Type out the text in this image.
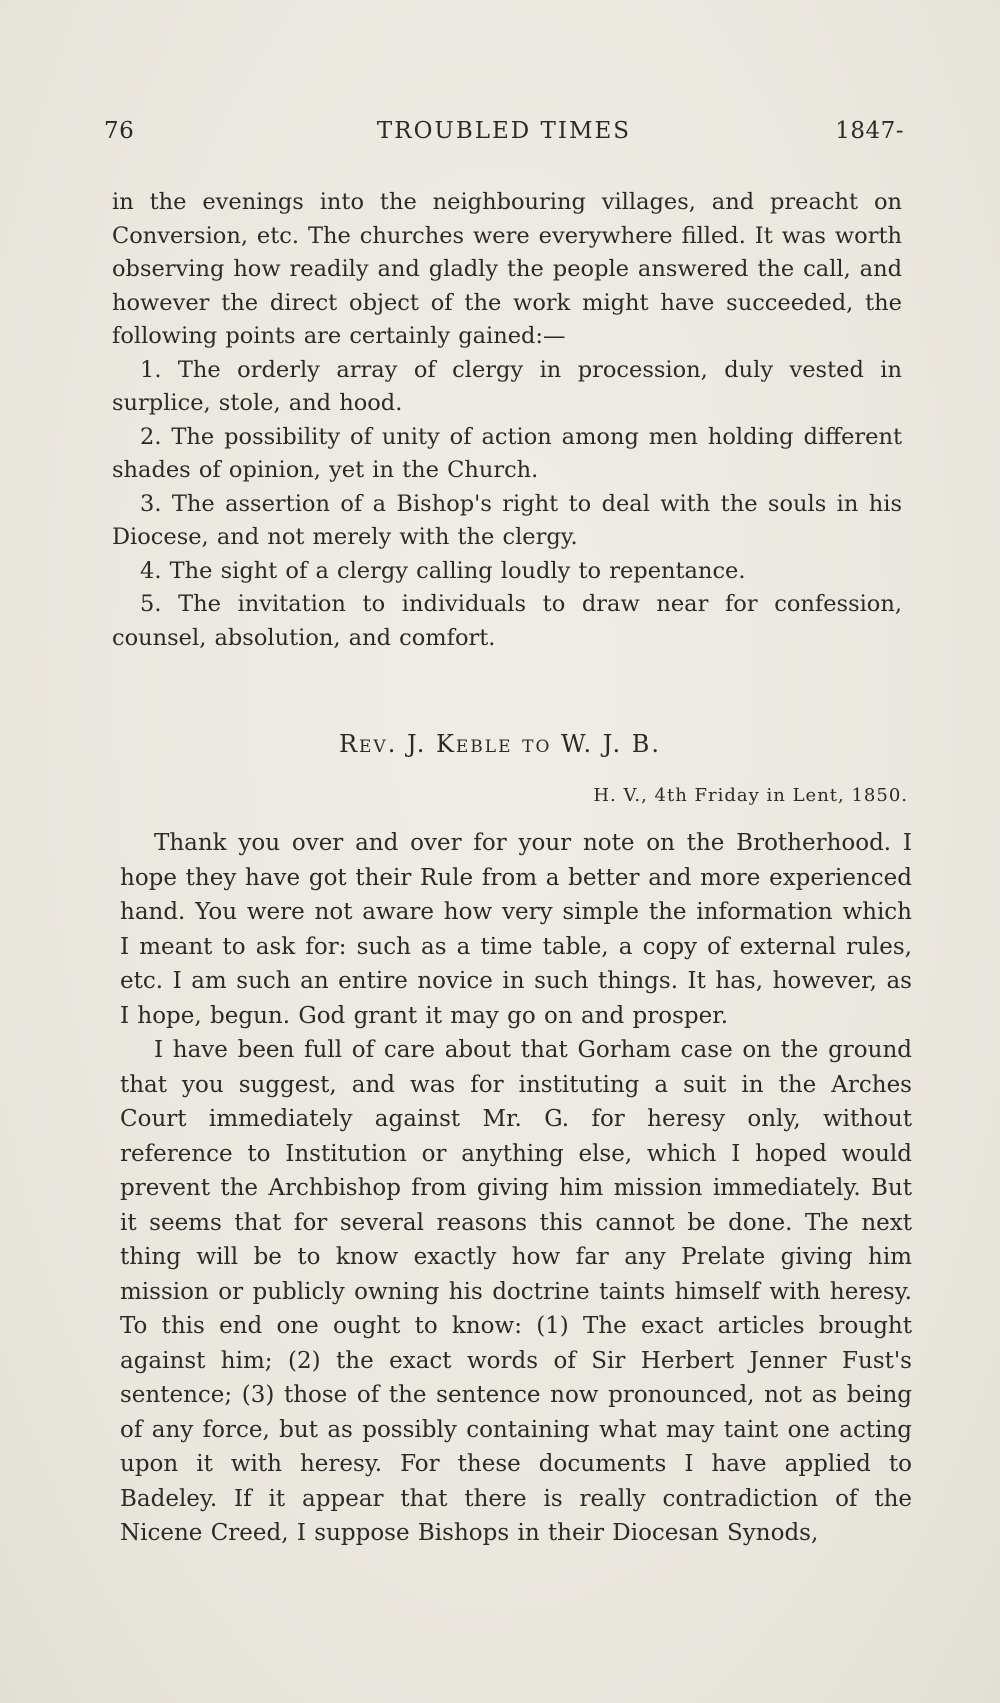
76	TROUBLED TIMES	1847-

in the evenings into the neighbouring villages, and preacht on Conversion, etc. The churches were everywhere filled. It was worth observing how readily and gladly the people answered the call, and however the direct object of the work might have succeeded, the following points are certainly gained:—

1. The orderly array of clergy in procession, duly vested in surplice, stole, and hood.

2. The possibility of unity of action among men holding different shades of opinion, yet in the Church.

3. The assertion of a Bishop's right to deal with the souls in his Diocese, and not merely with the clergy.

4. The sight of a clergy calling loudly to repentance.

5. The invitation to individuals to draw near for confession, counsel, absolution, and comfort.

Rev. J. Keble to W. J. B.
H. V., 4th Friday in Lent, 1850.

Thank you over and over for your note on the Brotherhood. I hope they have got their Rule from a better and more experienced hand. You were not aware how very simple the information which I meant to ask for: such as a time table, a copy of external rules, etc. I am such an entire novice in such things. It has, however, as I hope, begun. God grant it may go on and prosper.

I have been full of care about that Gorham case on the ground that you suggest, and was for instituting a suit in the Arches Court immediately against Mr. G. for heresy only, without reference to Institution or anything else, which I hoped would prevent the Archbishop from giving him mission immediately. But it seems that for several reasons this cannot be done. The next thing will be to know exactly how far any Prelate giving him mission or publicly owning his doctrine taints himself with heresy. To this end one ought to know: (1) The exact articles brought against him; (2) the exact words of Sir Herbert Jenner Fust's sentence; (3) those of the sentence now pronounced, not as being of any force, but as possibly containing what may taint one acting upon it with heresy. For these documents I have applied to Badeley. If it appear that there is really contradiction of the Nicene Creed, I suppose Bishops in their Diocesan Synods,
